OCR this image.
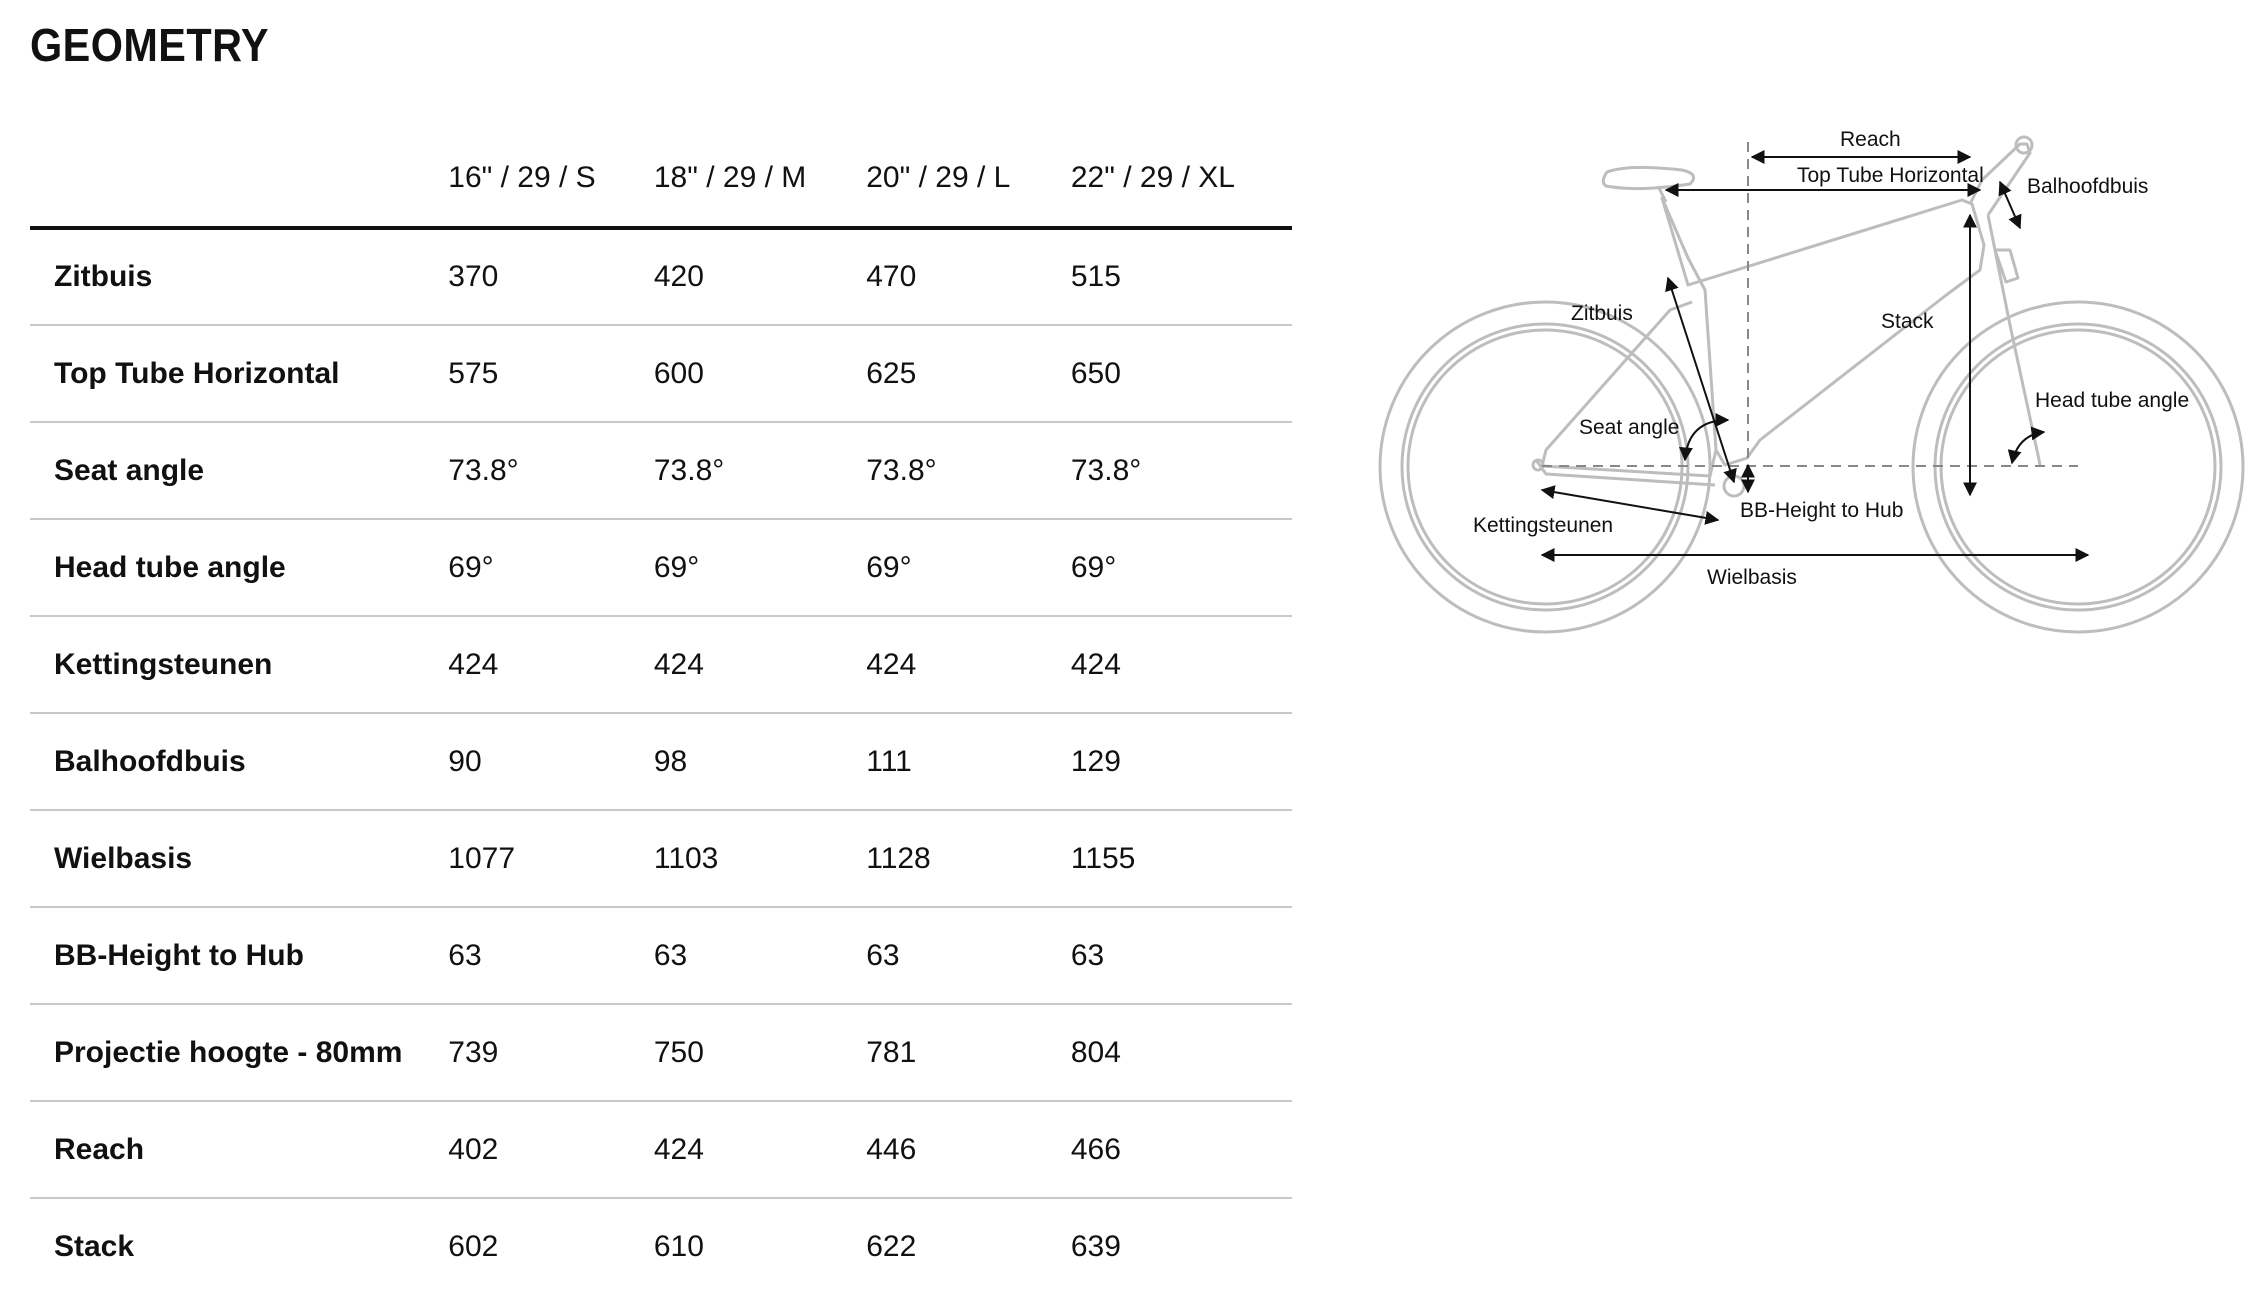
GEOMETRY
	16" / 29 / S	18" / 29 / M	20" / 29 / L	22" / 29 / XL
Zitbuis	370	420	470	515
Top Tube Horizontal	575	600	625	650
Seat angle	73.8°	73.8°	73.8°	73.8°
Head tube angle	69°	69°	69°	69°
Kettingsteunen	424	424	424	424
Balhoofdbuis	90	98	111	129
Wielbasis	1077	1103	1128	1155
BB-Height to Hub	63	63	63	63
Projectie hoogte - 80mm	739	750	781	804
Reach	402	424	446	466
Stack	602	610	622	639
Reach
Top Tube Horizontal Balhoofdbuis
Zitbuis	Stack
Head tube angle
Seat angle
BB-Height to Hub
Kettingsteunen
Wielbasis
